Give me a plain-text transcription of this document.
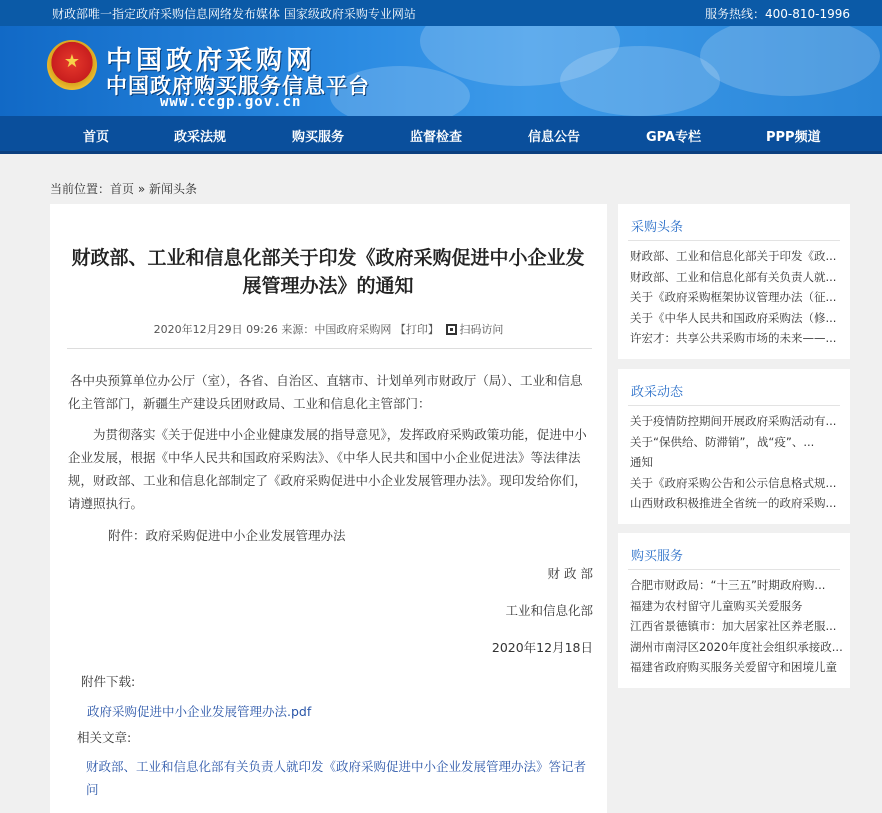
财政部唯一指定政府采购信息网络发布媒体 国家级政府采购专业网站	服务热线：400-810-1996
★ 中国政府采购网
中国政府购买服务信息平台
www.ccgp.gov.cn
首页	政采法规	购买服务	监督检查	信息公告	GPA专栏	PPP频道
当前位置：首页 » 新闻头条
财政部、工业和信息化部关于印发《政府采购促进中小企业发展管理办法》的通知
2020年12月29日 09:26 来源：中国政府采购网 【打印】 扫码访问
各中央预算单位办公厅（室），各省、自治区、直辖市、计划单列市财政厅（局）、工业和信息化主管部门，新疆生产建设兵团财政局、工业和信息化主管部门：
为贯彻落实《关于促进中小企业健康发展的指导意见》，发挥政府采购政策功能，促进中小企业发展，根据《中华人民共和国政府采购法》、《中华人民共和国中小企业促进法》等法律法规，财政部、工业和信息化部制定了《政府采购促进中小企业发展管理办法》。现印发给你们，请遵照执行。
附件：政府采购促进中小企业发展管理办法
财 政 部
工业和信息化部
2020年12月18日
附件下载:
政府采购促进中小企业发展管理办法.pdf
相关文章:
财政部、工业和信息化部有关负责人就印发《政府采购促进中小企业发展管理办法》答记者问
采购头条
财政部、工业和信息化部关于印发《政...
财政部、工业和信息化部有关负责人就...
关于《政府采购框架协议管理办法（征...
关于《中华人民共和国政府采购法（修...
许宏才：共享公共采购市场的未来——...
政采动态
关于疫情防控期间开展政府采购活动有...
关于“保供给、防滞销”，战“疫”、...
通知
关于《政府采购公告和公示信息格式规...
山西财政积极推进全省统一的政府采购...
购买服务
合肥市财政局：“十三五”时期政府购...
福建为农村留守儿童购买关爱服务
江西省景德镇市：加大居家社区养老服...
湖州市南浔区2020年度社会组织承接政...
福建省政府购买服务关爱留守和困境儿童
